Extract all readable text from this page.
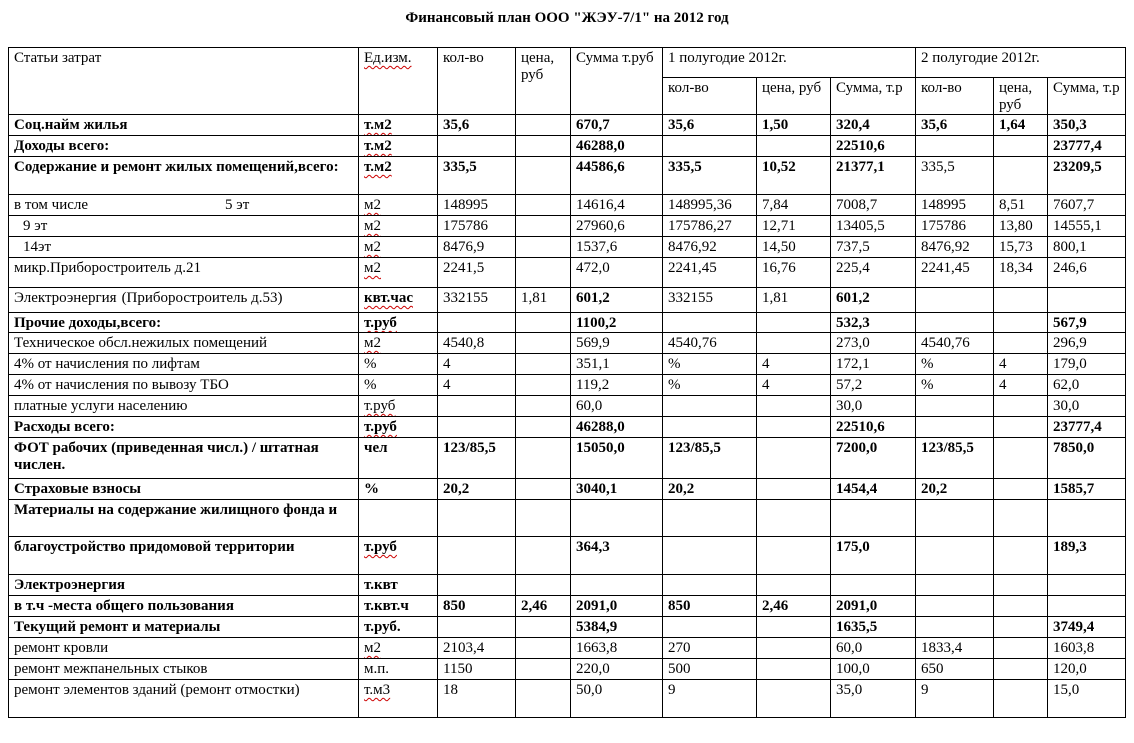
Финансовый план ООО "ЖЭУ-7/1" на 2012 год
Статьи затрат	Ед.изм.	кол-во	цена, руб	Сумма т.руб	1 полугодие 2012г.			2 полугодие 2012г.		
					кол-во	цена, руб	Сумма, т.р	кол-во	цена, руб	Сумма, т.р
Соц.найм жилья	т.м2	35,6		670,7	35,6	1,50	320,4	35,6	1,64	350,3
Доходы всего:	т.м2			46288,0			22510,6			23777,4
Содержание и ремонт жилых помещений,всего:	т.м2	335,5		44586,6	335,5	10,52	21377,1	335,5		23209,5
в том числе 5 эт	м2	148995		14616,4	148995,36	7,84	7008,7	148995	8,51	7607,7
9 эт	м2	175786		27960,6	175786,27	12,71	13405,5	175786	13,80	14555,1
14эт	м2	8476,9		1537,6	8476,92	14,50	737,5	8476,92	15,73	800,1
микр.Приборостроитель д.21	м2	2241,5		472,0	2241,45	16,76	225,4	2241,45	18,34	246,6
Электроэнергия (Приборостроитель д.53)	квт.час	332155	1,81	601,2	332155	1,81	601,2			
Прочие доходы,всего:	т.руб			1100,2			532,3			567,9
Техническое обсл.нежилых помещений	м2	4540,8		569,9	4540,76		273,0	4540,76		296,9
4% от начисления по лифтам	%	4		351,1	%	4	172,1	%	4	179,0
4% от начисления по вывозу ТБО	%	4		119,2	%	4	57,2	%	4	62,0
платные услуги населению	т.руб			60,0			30,0			30,0
Расходы всего:	т.руб			46288,0			22510,6			23777,4
ФОТ рабочих (приведенная числ.) / штатная числен.	чел	123/85,5		15050,0	123/85,5		7200,0	123/85,5		7850,0
Страховые взносы	%	20,2		3040,1	20,2		1454,4	20,2		1585,7
Материалы на содержание жилищного фонда и										
благоустройство придомовой территории	т.руб			364,3			175,0			189,3
Электроэнергия	т.квт									
в т.ч -места общего пользования	т.квт.ч	850	2,46	2091,0	850	2,46	2091,0			
Текущий ремонт и материалы	т.руб.			5384,9			1635,5			3749,4
ремонт кровли	м2	2103,4		1663,8	270		60,0	1833,4		1603,8
ремонт межпанельных стыков	м.п.	1150		220,0	500		100,0	650		120,0
ремонт элементов зданий (ремонт отмостки)	т.м3	18		50,0	9		35,0	9		15,0
